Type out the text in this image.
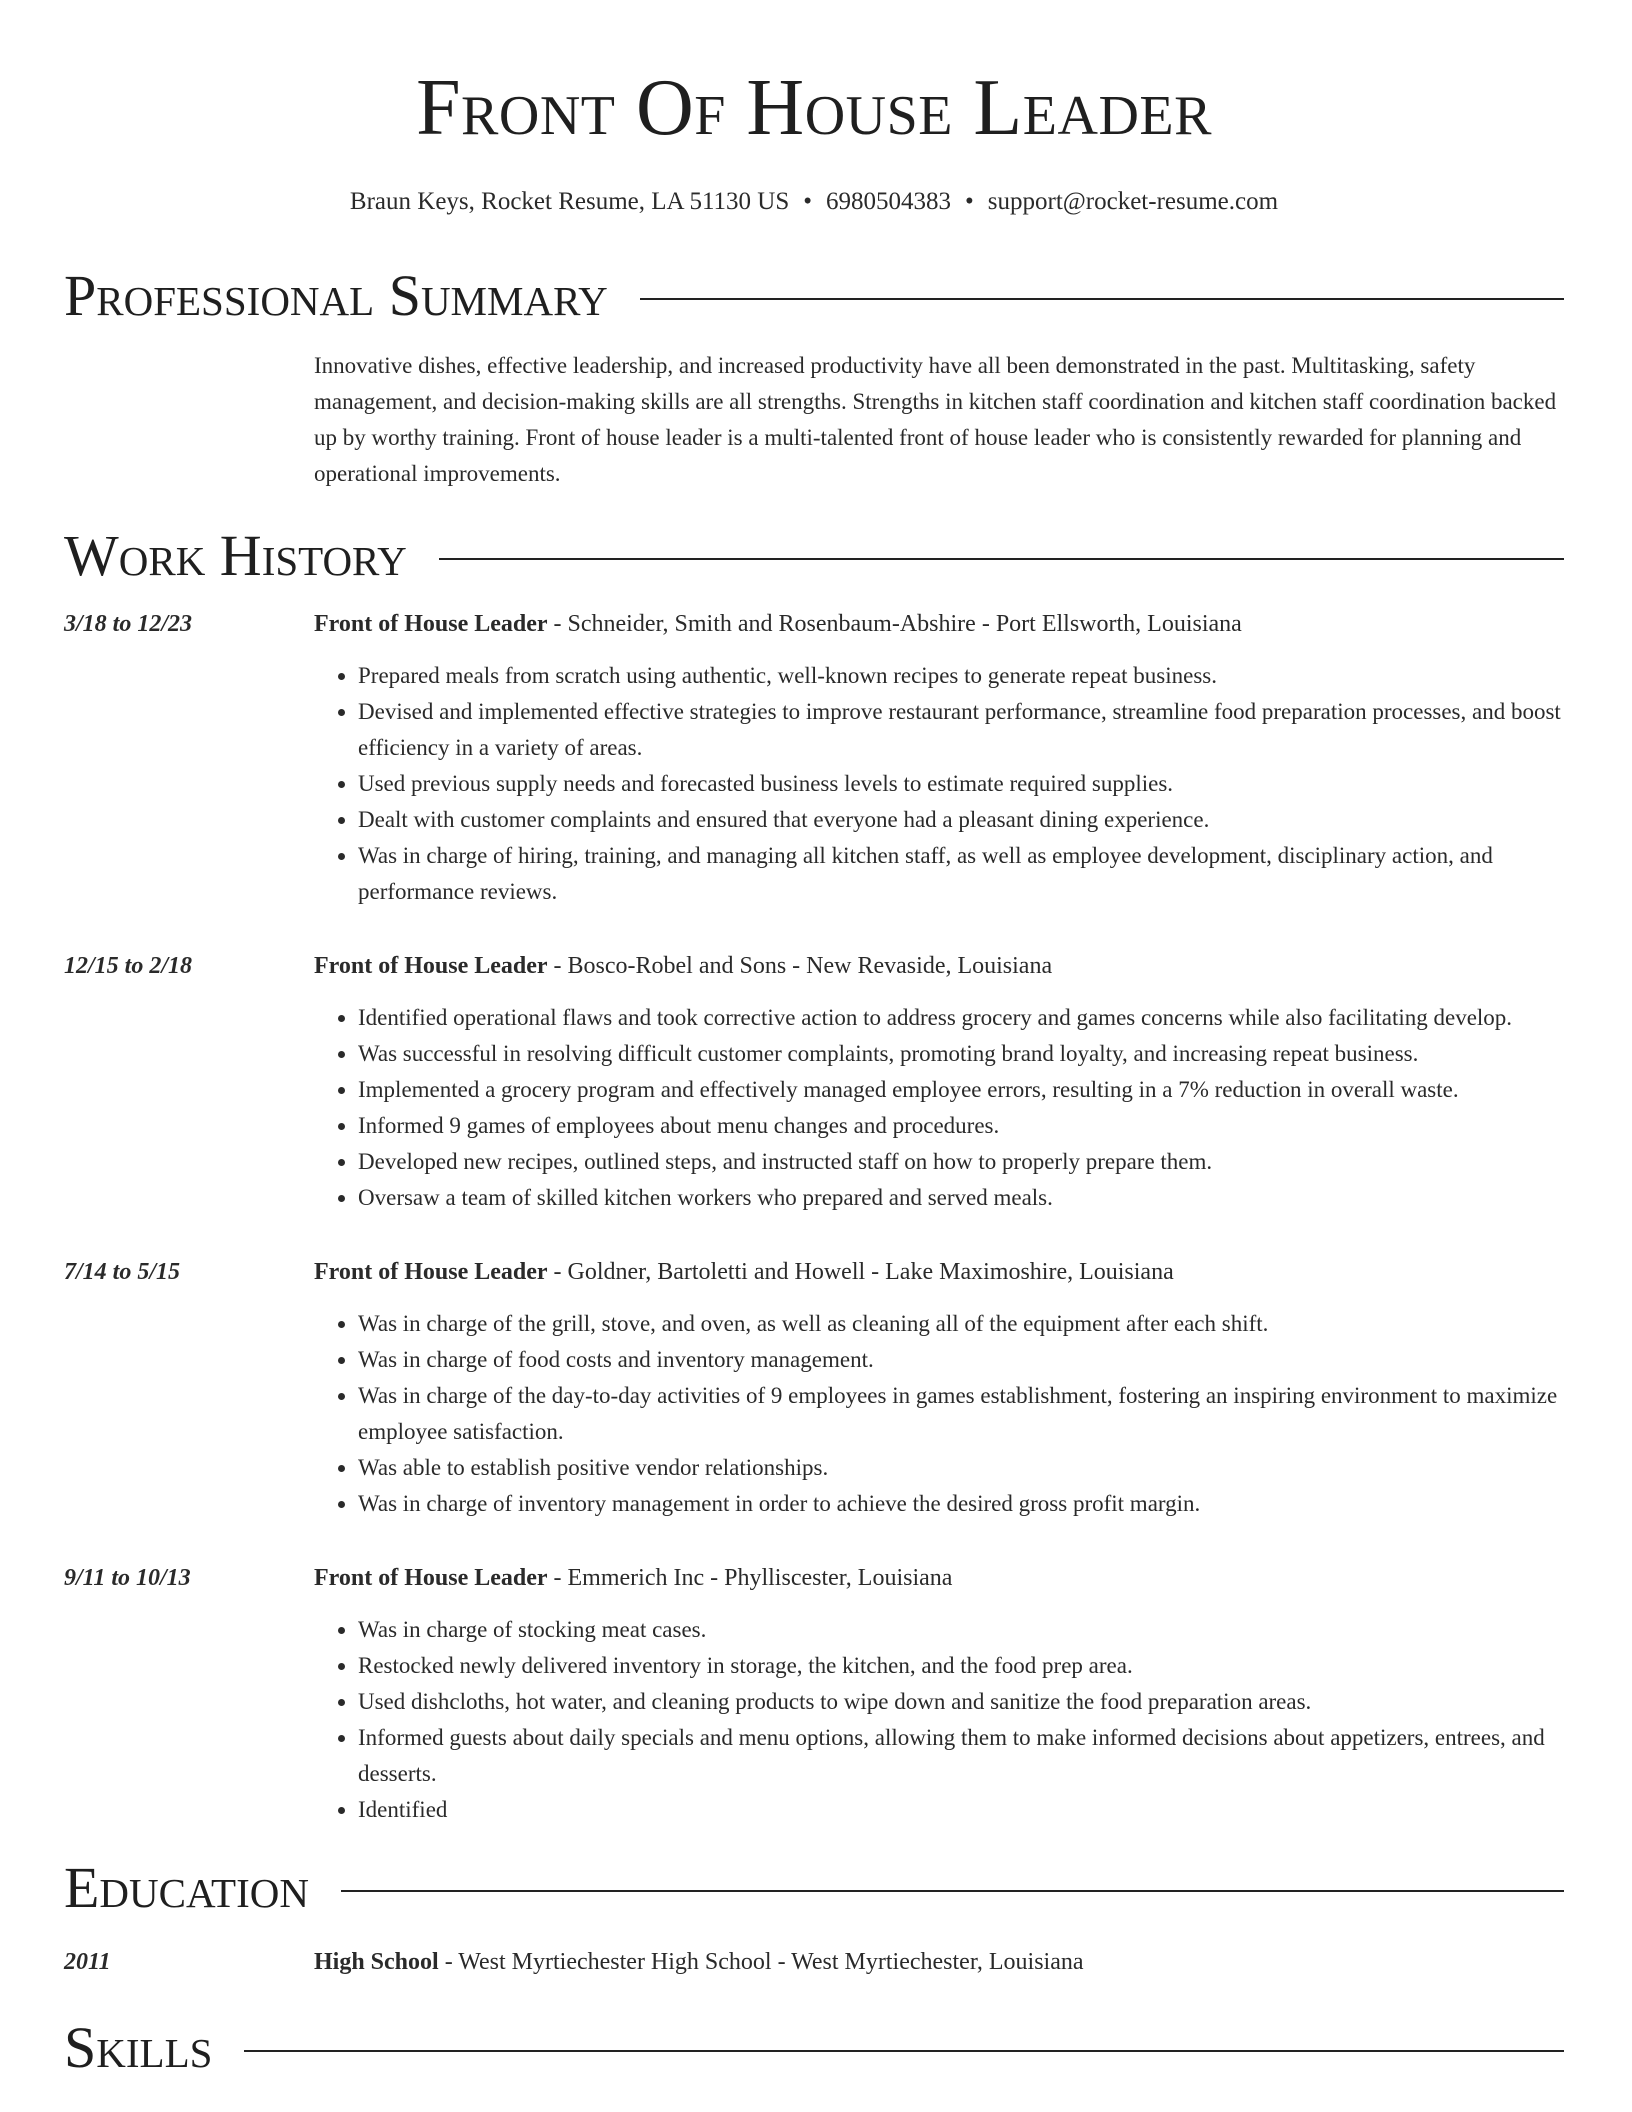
Front Of House Leader
Braun Keys, Rocket Resume, LA 51130 US • 6980504383 • support@rocket-resume.com
Professional Summary
Innovative dishes, effective leadership, and increased productivity have all been demonstrated in the past. Multitasking, safety management, and decision-making skills are all strengths. Strengths in kitchen staff coordination and kitchen staff coordination backed up by worthy training. Front of house leader is a multi-talented front of house leader who is consistently rewarded for planning and operational improvements.
Work History
3/18 to 12/23	Front of House Leader - Schneider, Smith and Rosenbaum-Abshire - Port Ellsworth, Louisiana
• Prepared meals from scratch using authentic, well-known recipes to generate repeat business.
• Devised and implemented effective strategies to improve restaurant performance, streamline food preparation processes, and boost efficiency in a variety of areas.
• Used previous supply needs and forecasted business levels to estimate required supplies.
• Dealt with customer complaints and ensured that everyone had a pleasant dining experience.
• Was in charge of hiring, training, and managing all kitchen staff, as well as employee development, disciplinary action, and performance reviews.
12/15 to 2/18	Front of House Leader - Bosco-Robel and Sons - New Revaside, Louisiana
• Identified operational flaws and took corrective action to address grocery and games concerns while also facilitating develop.
• Was successful in resolving difficult customer complaints, promoting brand loyalty, and increasing repeat business.
• Implemented a grocery program and effectively managed employee errors, resulting in a 7% reduction in overall waste.
• Informed 9 games of employees about menu changes and procedures.
• Developed new recipes, outlined steps, and instructed staff on how to properly prepare them.
• Oversaw a team of skilled kitchen workers who prepared and served meals.
7/14 to 5/15	Front of House Leader - Goldner, Bartoletti and Howell - Lake Maximoshire, Louisiana
• Was in charge of the grill, stove, and oven, as well as cleaning all of the equipment after each shift.
• Was in charge of food costs and inventory management.
• Was in charge of the day-to-day activities of 9 employees in games establishment, fostering an inspiring environment to maximize employee satisfaction.
• Was able to establish positive vendor relationships.
• Was in charge of inventory management in order to achieve the desired gross profit margin.
9/11 to 10/13	Front of House Leader - Emmerich Inc - Phylliscester, Louisiana
• Was in charge of stocking meat cases.
• Restocked newly delivered inventory in storage, the kitchen, and the food prep area.
• Used dishcloths, hot water, and cleaning products to wipe down and sanitize the food preparation areas.
• Informed guests about daily specials and menu options, allowing them to make informed decisions about appetizers, entrees, and desserts.
• Identified
Education
2011	High School - West Myrtiechester High School - West Myrtiechester, Louisiana
Skills
